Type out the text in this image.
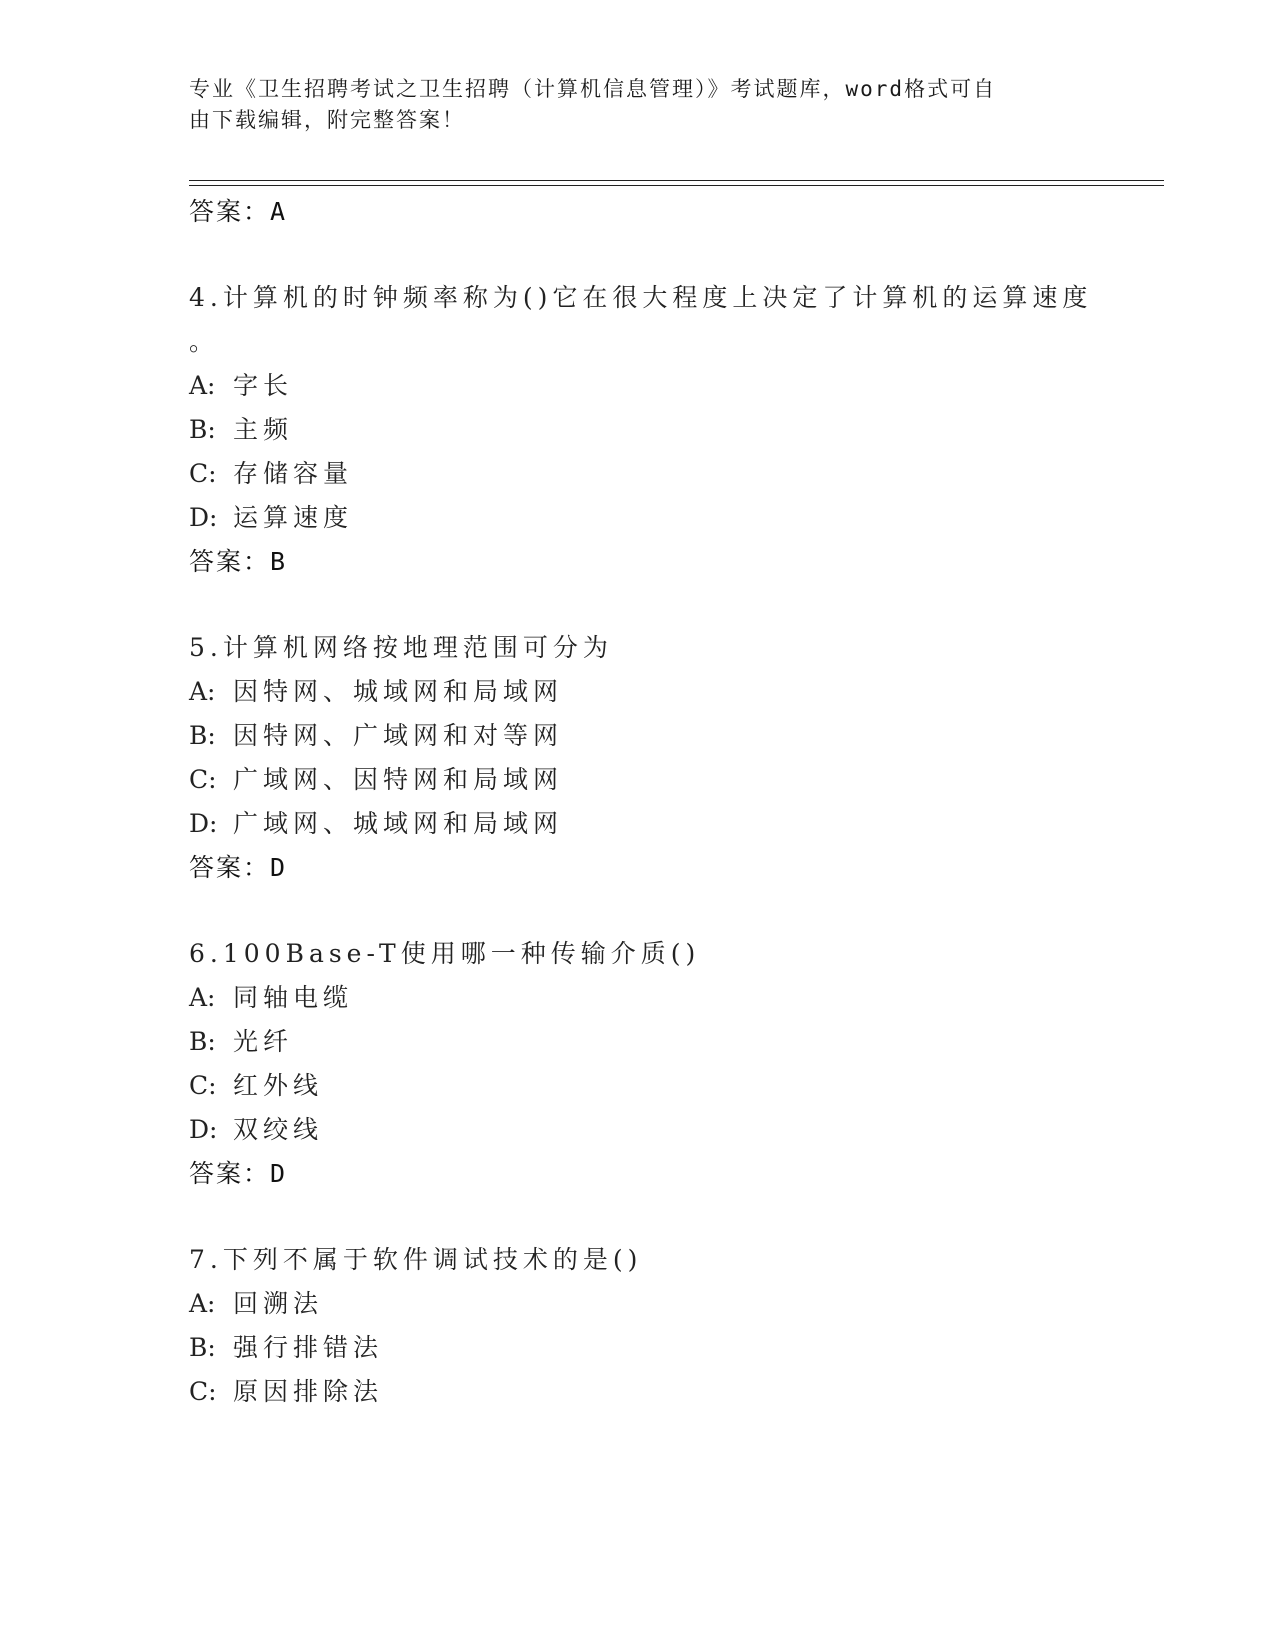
专业《卫生招聘考试之卫生招聘（计算机信息管理）》考试题库，word格式可自
由下载编辑，附完整答案！
答案：A
4.计算机的时钟频率称为()它在很大程度上决定了计算机的运算速度
。
A: 字长
B: 主频
C: 存储容量
D: 运算速度
答案：B
5.计算机网络按地理范围可分为
A: 因特网、城域网和局域网
B: 因特网、广域网和对等网
C: 广域网、因特网和局域网
D: 广域网、城域网和局域网
答案：D
6.100Base-T使用哪一种传输介质()
A: 同轴电缆
B: 光纤
C: 红外线
D: 双绞线
答案：D
7.下列不属于软件调试技术的是()
A: 回溯法
B: 强行排错法
C: 原因排除法
